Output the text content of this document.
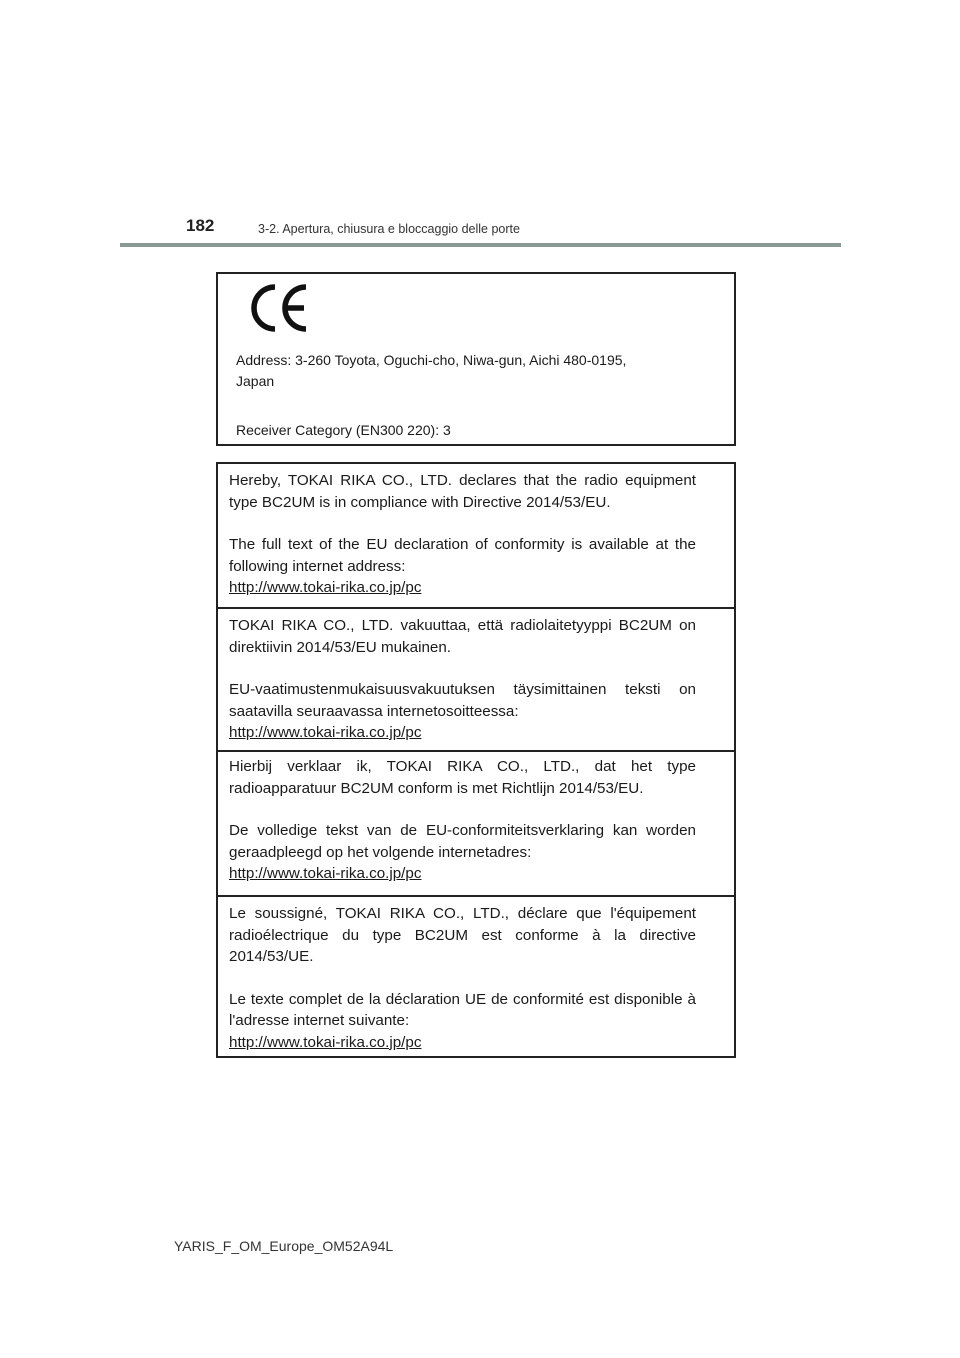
182	3-2. Apertura, chiusura e bloccaggio delle porte
Address: 3-260 Toyota, Oguchi-cho, Niwa-gun, Aichi 480-0195, Japan
Receiver Category (EN300 220): 3

Hereby, TOKAI RIKA CO., LTD. declares that the radio equipment type BC2UM is in compliance with Directive 2014/53/EU.

The full text of the EU declaration of conformity is available at the following internet address:
http://www.tokai-rika.co.jp/pc

TOKAI RIKA CO., LTD. vakuuttaa, että radiolaitetyyppi BC2UM on direktiivin 2014/53/EU mukainen.

EU-vaatimustenmukaisuusvakuutuksen täysimittainen teksti on saatavilla seuraavassa internetosoitteessa:
http://www.tokai-rika.co.jp/pc

Hierbij verklaar ik, TOKAI RIKA CO., LTD., dat het type radioapparatuur BC2UM conform is met Richtlijn 2014/53/EU.

De volledige tekst van de EU-conformiteitsverklaring kan worden geraadpleegd op het volgende internetadres:
http://www.tokai-rika.co.jp/pc

Le soussigné, TOKAI RIKA CO., LTD., déclare que l'équipement radioélectrique du type BC2UM est conforme à la directive 2014/53/UE.

Le texte complet de la déclaration UE de conformité est disponible à l'adresse internet suivante:
http://www.tokai-rika.co.jp/pc

YARIS_F_OM_Europe_OM52A94L
